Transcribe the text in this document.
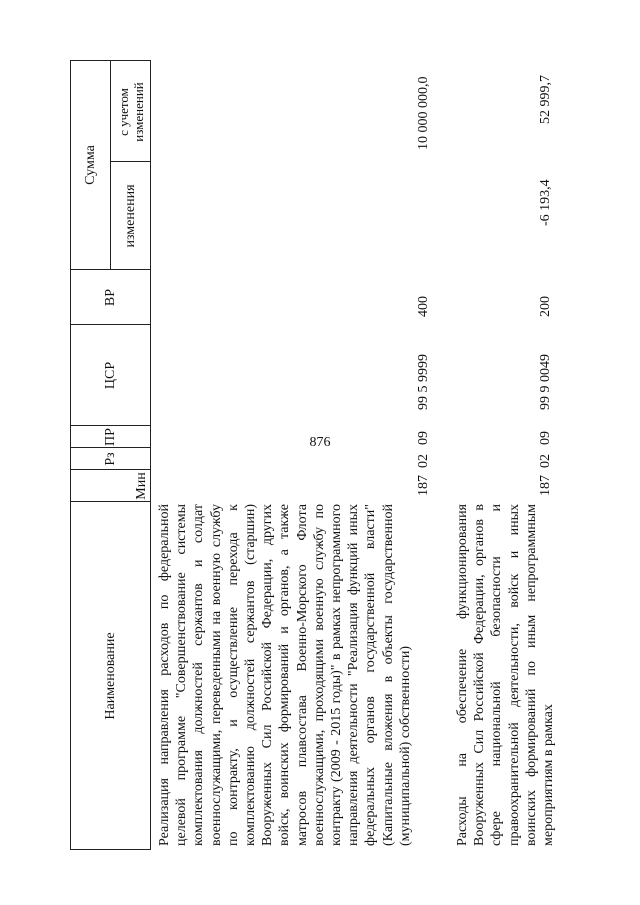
876
Наименование
Мин
Рз
ПР
ЦСР
ВР
Сумма
изменения
с учетом изменений
Реализация направления расходов по федеральной целевой программе "Совершенствование системы комплектования должностей сержантов и солдат военнослужащими, переведенными на военную службу по контракту, и осуществление перехода к комплектованию должностей сержантов (старшин) Вооруженных Сил Российской Федерации, других войск, воинских формирований и органов, а также матросов плавсостава Военно-Морского Флота военнослужащими, проходящими военную службу по контракту (2009 - 2015 годы)" в рамках непрограммного направления деятельности "Реализация функций иных федеральных органов государственной власти" (Капитальные вложения в объекты государственной (муниципальной) собственности)
187
02
09
99 5 9999
400
10 000 000,0
Расходы на обеспечение функционирования Вооруженных Сил Российской Федерации, органов в сфере национальной безопасности и правоохранительной деятельности, войск и иных воинских формирований по иным непрограммным мероприятиям в рамках
187
02
09
99 9 0049
200
-6 193,4
52 999,7
